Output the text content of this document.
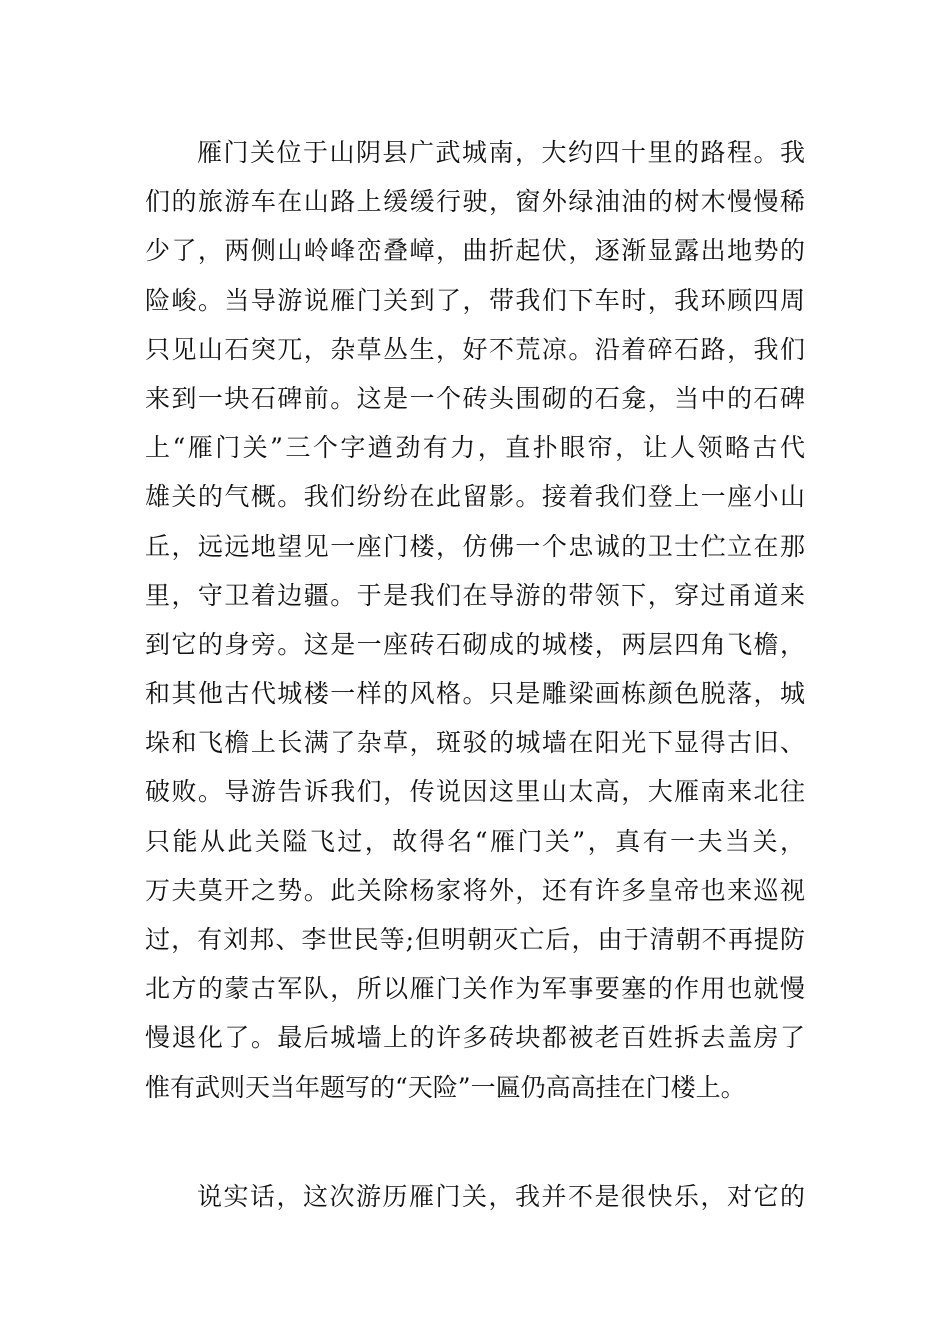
雁门关位于山阴县广武城南，大约四十里的路程。我
们的旅游车在山路上缓缓行驶，窗外绿油油的树木慢慢稀
少了，两侧山岭峰峦叠嶂，曲折起伏，逐渐显露出地势的
险峻。当导游说雁门关到了，带我们下车时，我环顾四周
只见山石突兀，杂草丛生，好不荒凉。沿着碎石路，我们
来到一块石碑前。这是一个砖头围砌的石龛，当中的石碑
上“雁门关”三个字遒劲有力，直扑眼帘，让人领略古代
雄关的气概。我们纷纷在此留影。接着我们登上一座小山
丘，远远地望见一座门楼，仿佛一个忠诚的卫士伫立在那
里，守卫着边疆。于是我们在导游的带领下，穿过甬道来
到它的身旁。这是一座砖石砌成的城楼，两层四角飞檐，
和其他古代城楼一样的风格。只是雕梁画栋颜色脱落，城
垛和飞檐上长满了杂草，斑驳的城墙在阳光下显得古旧、
破败。导游告诉我们，传说因这里山太高，大雁南来北往
只能从此关隘飞过，故得名“雁门关”，真有一夫当关，
万夫莫开之势。此关除杨家将外，还有许多皇帝也来巡视
过，有刘邦、李世民等;但明朝灭亡后，由于清朝不再提防
北方的蒙古军队，所以雁门关作为军事要塞的作用也就慢
慢退化了。最后城墙上的许多砖块都被老百姓拆去盖房了
惟有武则天当年题写的“天险”一匾仍高高挂在门楼上。
说实话，这次游历雁门关，我并不是很快乐，对它的
